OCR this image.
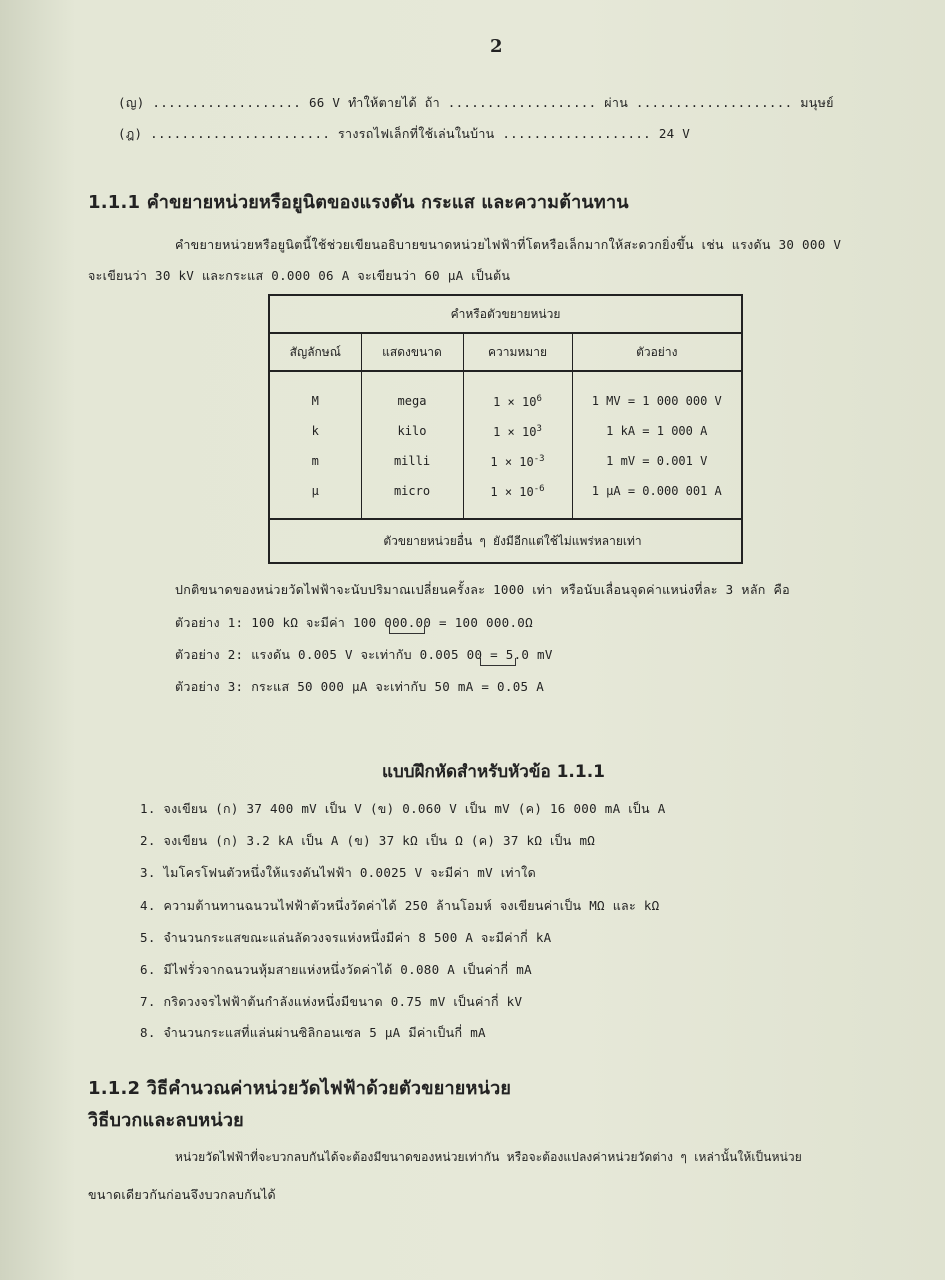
2
(ญ) ................... 66 V ทำให้ตายได้ ถ้า ................... ผ่าน .................... มนุษย์
(ฎ) ....................... รางรถไฟเล็กที่ใช้เล่นในบ้าน ................... 24 V
1.1.1 คำขยายหน่วยหรือยูนิตของแรงดัน กระแส และความต้านทาน
คำขยายหน่วยหรือยูนิตนี้ใช้ช่วยเขียนอธิบายขนาดหน่วยไฟฟ้าที่โตหรือเล็กมากให้สะดวกยิ่งขึ้น เช่น แรงดัน 30 000 V
จะเขียนว่า 30 kV และกระแส 0.000 06 A จะเขียนว่า 60 µA เป็นต้น
คำหรือตัวขยายหน่วย			
สัญลักษณ์	แสดงขนาด	ความหมาย	ตัวอย่าง
M	mega	$1 \times 10^6$	1 MV = 1 000 000 V
k	kilo	$1 \times 10^3$	1 kA = 1 000 A
m	milli	$1 \times 10^{-3}$	1 mV = 0.001 V
µ	micro	$1 \times 10^{-6}$	1 µA = 0.000 001 A
ตัวขยายหน่วยอื่น ๆ ยังมีอีกแต่ใช้ไม่แพร่หลายเท่า			
ปกติขนาดของหน่วยวัดไฟฟ้าจะนับปริมาณเปลี่ยนครั้งละ 1000 เท่า หรือนับเลื่อนจุดค่าแหน่งที่ละ 3 หลัก คือ
ตัวอย่าง 1: 100 kΩ จะมีค่า 100 000.00 = 100 000.0Ω
ตัวอย่าง 2: แรงดัน 0.005 V จะเท่ากับ 0.005 00 = 5.0 mV
ตัวอย่าง 3: กระแส 50 000 µA จะเท่ากับ 50 mA = 0.05 A
แบบฝึกหัดสำหรับหัวข้อ 1.1.1
1. จงเขียน (ก) 37 400 mV เป็น V (ข) 0.060 V เป็น mV (ค) 16 000 mA เป็น A
2. จงเขียน (ก) 3.2 kA เป็น A (ข) 37 kΩ เป็น Ω (ค) 37 kΩ เป็น mΩ
3. ไมโครโฟนตัวหนึ่งให้แรงดันไฟฟ้า 0.0025 V จะมีค่า mV เท่าใด
4. ความต้านทานฉนวนไฟฟ้าตัวหนึ่งวัดค่าได้ 250 ล้านโอมห์ จงเขียนค่าเป็น MΩ และ kΩ
5. จำนวนกระแสขณะแล่นลัดวงจรแห่งหนึ่งมีค่า 8 500 A จะมีค่ากี่ kA
6. มีไฟรั่วจากฉนวนหุ้มสายแห่งหนึ่งวัดค่าได้ 0.080 A เป็นค่ากี่ mA
7. กริดวงจรไฟฟ้าต้นกำลังแห่งหนึ่งมีขนาด 0.75 mV เป็นค่ากี่ kV
8. จำนวนกระแสที่แล่นผ่านซิลิกอนเซล 5 µA มีค่าเป็นกี่ mA
1.1.2 วิธีคำนวณค่าหน่วยวัดไฟฟ้าด้วยตัวขยายหน่วย
วิธีบวกและลบหน่วย
หน่วยวัดไฟฟ้าที่จะบวกลบกันได้จะต้องมีขนาดของหน่วยเท่ากัน หรือจะต้องแปลงค่าหน่วยวัดต่าง ๆ เหล่านั้นให้เป็นหน่วย
ขนาดเดียวกันก่อนจึงบวกลบกันได้
